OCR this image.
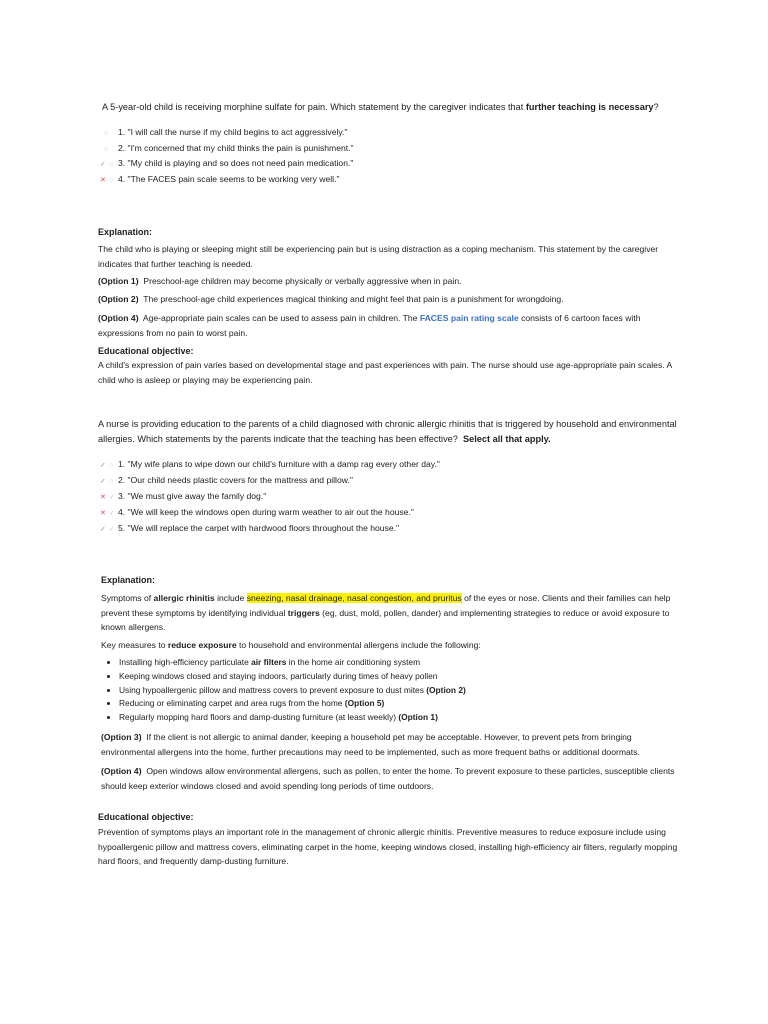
A 5-year-old child is receiving morphine sulfate for pain. Which statement by the caregiver indicates that further teaching is necessary?
○ 1. "I will call the nurse if my child begins to act aggressively."
○ 2. "I'm concerned that my child thinks the pain is punishment."
✓ ○ 3. "My child is playing and so does not need pain medication."
✕ ○ 4. "The FACES pain scale seems to be working very well."
Explanation:
The child who is playing or sleeping might still be experiencing pain but is using distraction as a coping mechanism. This statement by the caregiver indicates that further teaching is needed.
(Option 1) Preschool-age children may become physically or verbally aggressive when in pain.
(Option 2) The preschool-age child experiences magical thinking and might feel that pain is a punishment for wrongdoing.
(Option 4) Age-appropriate pain scales can be used to assess pain in children. The FACES pain rating scale consists of 6 cartoon faces with expressions from no pain to worst pain.
Educational objective:
A child's expression of pain varies based on developmental stage and past experiences with pain. The nurse should use age-appropriate pain scales. A child who is asleep or playing may be experiencing pain.
A nurse is providing education to the parents of a child diagnosed with chronic allergic rhinitis that is triggered by household and environmental allergies. Which statements by the parents indicate that the teaching has been effective? Select all that apply.
✓ ○ 1. "My wife plans to wipe down our child's furniture with a damp rag every other day."
✓ ○ 2. "Our child needs plastic covers for the mattress and pillow."
✕ ✓ 3. "We must give away the family dog."
✕ ✓ 4. "We will keep the windows open during warm weather to air out the house."
✓ ✓ 5. "We will replace the carpet with hardwood floors throughout the house."
Explanation:
Symptoms of allergic rhinitis include sneezing, nasal drainage, nasal congestion, and pruritus of the eyes or nose. Clients and their families can help prevent these symptoms by identifying individual triggers (eg, dust, mold, pollen, dander) and implementing strategies to reduce or avoid exposure to known allergens.
Key measures to reduce exposure to household and environmental allergens include the following:
• Installing high-efficiency particulate air filters in the home air conditioning system
• Keeping windows closed and staying indoors, particularly during times of heavy pollen
• Using hypoallergenic pillow and mattress covers to prevent exposure to dust mites (Option 2)
• Reducing or eliminating carpet and area rugs from the home (Option 5)
• Regularly mopping hard floors and damp-dusting furniture (at least weekly) (Option 1)
(Option 3) If the client is not allergic to animal dander, keeping a household pet may be acceptable. However, to prevent pets from bringing environmental allergens into the home, further precautions may need to be implemented, such as more frequent baths or additional doormats.
(Option 4) Open windows allow environmental allergens, such as pollen, to enter the home. To prevent exposure to these particles, susceptible clients should keep exterior windows closed and avoid spending long periods of time outdoors.
Educational objective:
Prevention of symptoms plays an important role in the management of chronic allergic rhinitis. Preventive measures to reduce exposure include using hypoallergenic pillow and mattress covers, eliminating carpet in the home, keeping windows closed, installing high-efficiency air filters, regularly mopping hard floors, and frequently damp-dusting furniture.
